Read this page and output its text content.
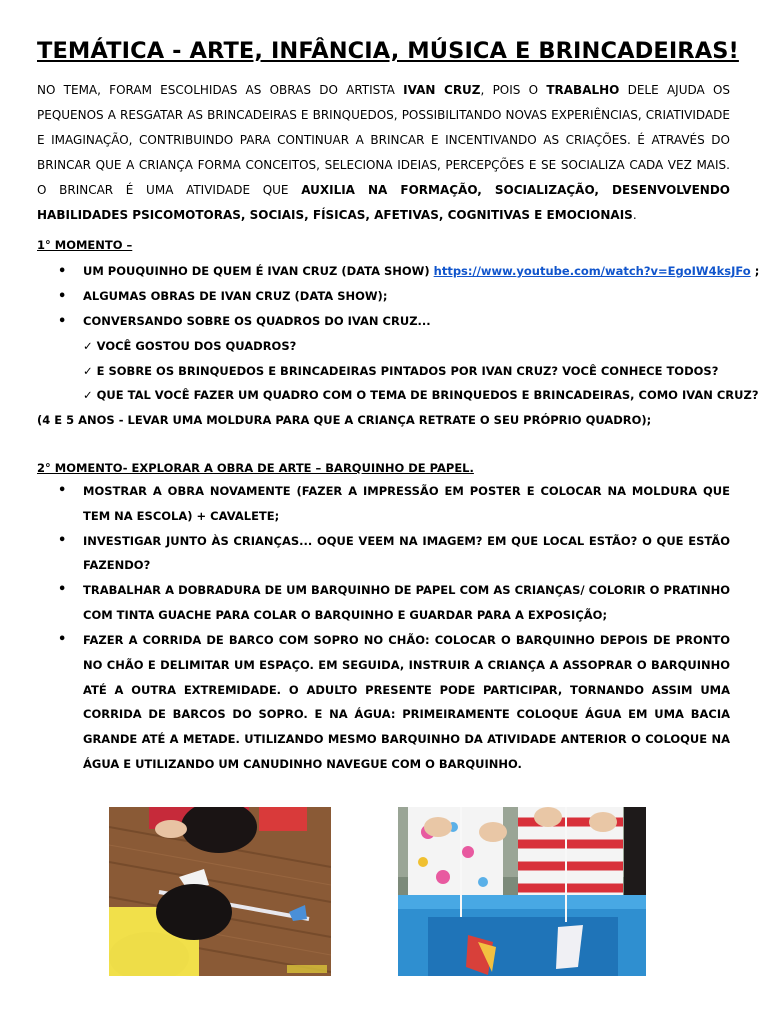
TEMÁTICA - ARTE, INFÂNCIA, MÚSICA E BRINCADEIRAS!

NO TEMA, FORAM ESCOLHIDAS AS OBRAS DO ARTISTA IVAN CRUZ, POIS O TRABALHO DELE AJUDA OS PEQUENOS A RESGATAR AS BRINCADEIRAS E BRINQUEDOS, POSSIBILITANDO NOVAS EXPERIÊNCIAS, CRIATIVIDADE E IMAGINAÇÃO, CONTRIBUINDO PARA CONTINUAR A BRINCAR E INCENTIVANDO AS CRIAÇÕES. É ATRAVÉS DO BRINCAR QUE A CRIANÇA FORMA CONCEITOS, SELECIONA IDEIAS, PERCEPÇÕES E SE SOCIALIZA CADA VEZ MAIS. O BRINCAR É UMA ATIVIDADE QUE AUXILIA NA FORMAÇÃO, SOCIALIZAÇÃO, DESENVOLVENDO HABILIDADES PSICOMOTORAS, SOCIAIS, FÍSICAS, AFETIVAS, COGNITIVAS E EMOCIONAIS.

1° MOMENTO –
• UM POUQUINHO DE QUEM É IVAN CRUZ (DATA SHOW) https://www.youtube.com/watch?v=EgoIW4ksJFo ;
• ALGUMAS OBRAS DE IVAN CRUZ (DATA SHOW);
• CONVERSANDO SOBRE OS QUADROS DO IVAN CRUZ...
✓ VOCÊ GOSTOU DOS QUADROS?
✓ E SOBRE OS BRINQUEDOS E BRINCADEIRAS PINTADOS POR IVAN CRUZ? VOCÊ CONHECE TODOS?
✓ QUE TAL VOCÊ FAZER UM QUADRO COM O TEMA DE BRINQUEDOS E BRINCADEIRAS, COMO IVAN CRUZ?
(4 E 5 ANOS - LEVAR UMA MOLDURA PARA QUE A CRIANÇA RETRATE O SEU PRÓPRIO QUADRO);
2° MOMENTO- EXPLORAR A OBRA DE ARTE – BARQUINHO DE PAPEL.
• MOSTRAR A OBRA NOVAMENTE (FAZER A IMPRESSÃO EM POSTER E COLOCAR NA MOLDURA QUE TEM NA ESCOLA) + CAVALETE;
• INVESTIGAR JUNTO ÀS CRIANÇAS... OQUE VEEM NA IMAGEM? EM QUE LOCAL ESTÃO? O QUE ESTÃO FAZENDO?
• TRABALHAR A DOBRADURA DE UM BARQUINHO DE PAPEL COM AS CRIANÇAS/ COLORIR O PRATINHO COM TINTA GUACHE PARA COLAR O BARQUINHO E GUARDAR PARA A EXPOSIÇÃO;
• FAZER A CORRIDA DE BARCO COM SOPRO NO CHÃO: COLOCAR O BARQUINHO DEPOIS DE PRONTO NO CHÃO E DELIMITAR UM ESPAÇO. EM SEGUIDA, INSTRUIR A CRIANÇA A ASSOPRAR O BARQUINHO ATÉ A OUTRA EXTREMIDADE. O ADULTO PRESENTE PODE PARTICIPAR, TORNANDO ASSIM UMA CORRIDA DE BARCOS DO SOPRO. E NA ÁGUA: PRIMEIRAMENTE COLOQUE ÁGUA EM UMA BACIA GRANDE ATÉ A METADE. UTILIZANDO MESMO BARQUINHO DA ATIVIDADE ANTERIOR O COLOQUE NA ÁGUA E UTILIZANDO UM CANUDINHO NAVEGUE COM O BARQUINHO.
